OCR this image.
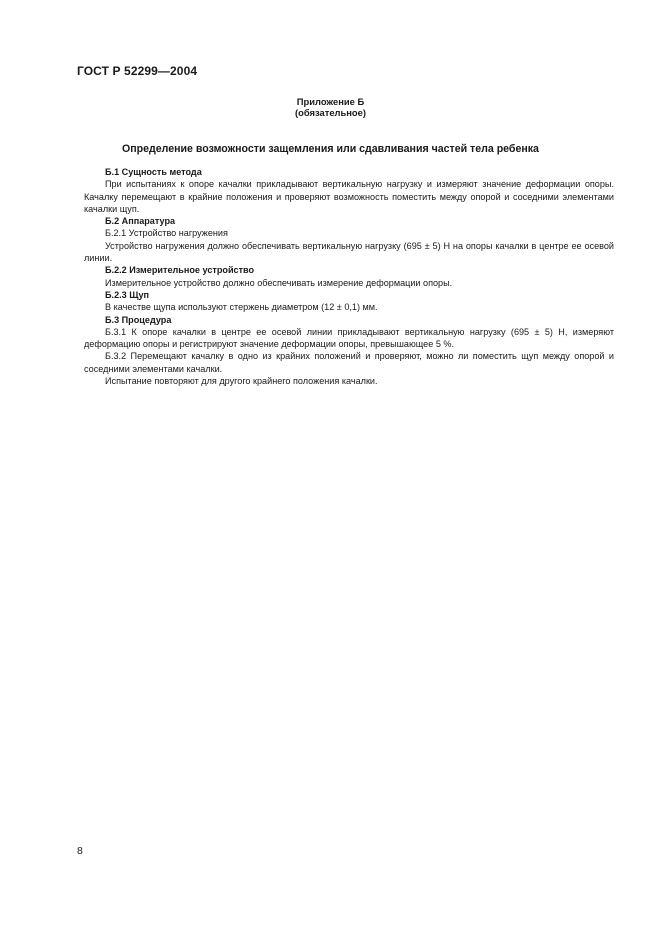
ГОСТ Р 52299—2004
Приложение Б
(обязательное)
Определение возможности защемления или сдавливания частей тела ребенка

Б.1 Сущность метода

При испытаниях к опоре качалки прикладывают вертикальную нагрузку и измеряют значение деформации опоры. Качалку перемещают в крайние положения и проверяют возможность поместить между опорой и соседними элементами качалки щуп.

Б.2 Аппаратура

Б.2.1 Устройство нагружения

Устройство нагружения должно обеспечивать вертикальную нагрузку (695 ± 5) Н на опоры качалки в центре ее осевой линии.

Б.2.2 Измерительное устройство

Измерительное устройство должно обеспечивать измерение деформации опоры.

Б.2.3 Щуп

В качестве щупа используют стержень диаметром (12 ± 0,1) мм.

Б.3 Процедура

Б.3.1 К опоре качалки в центре ее осевой линии прикладывают вертикальную нагрузку (695 ± 5) Н, измеряют деформацию опоры и регистрируют значение деформации опоры, превышающее 5 %.

Б.3.2 Перемещают качалку в одно из крайних положений и проверяют, можно ли поместить щуп между опорой и соседними элементами качалки.

Испытание повторяют для другого крайнего положения качалки.

8
